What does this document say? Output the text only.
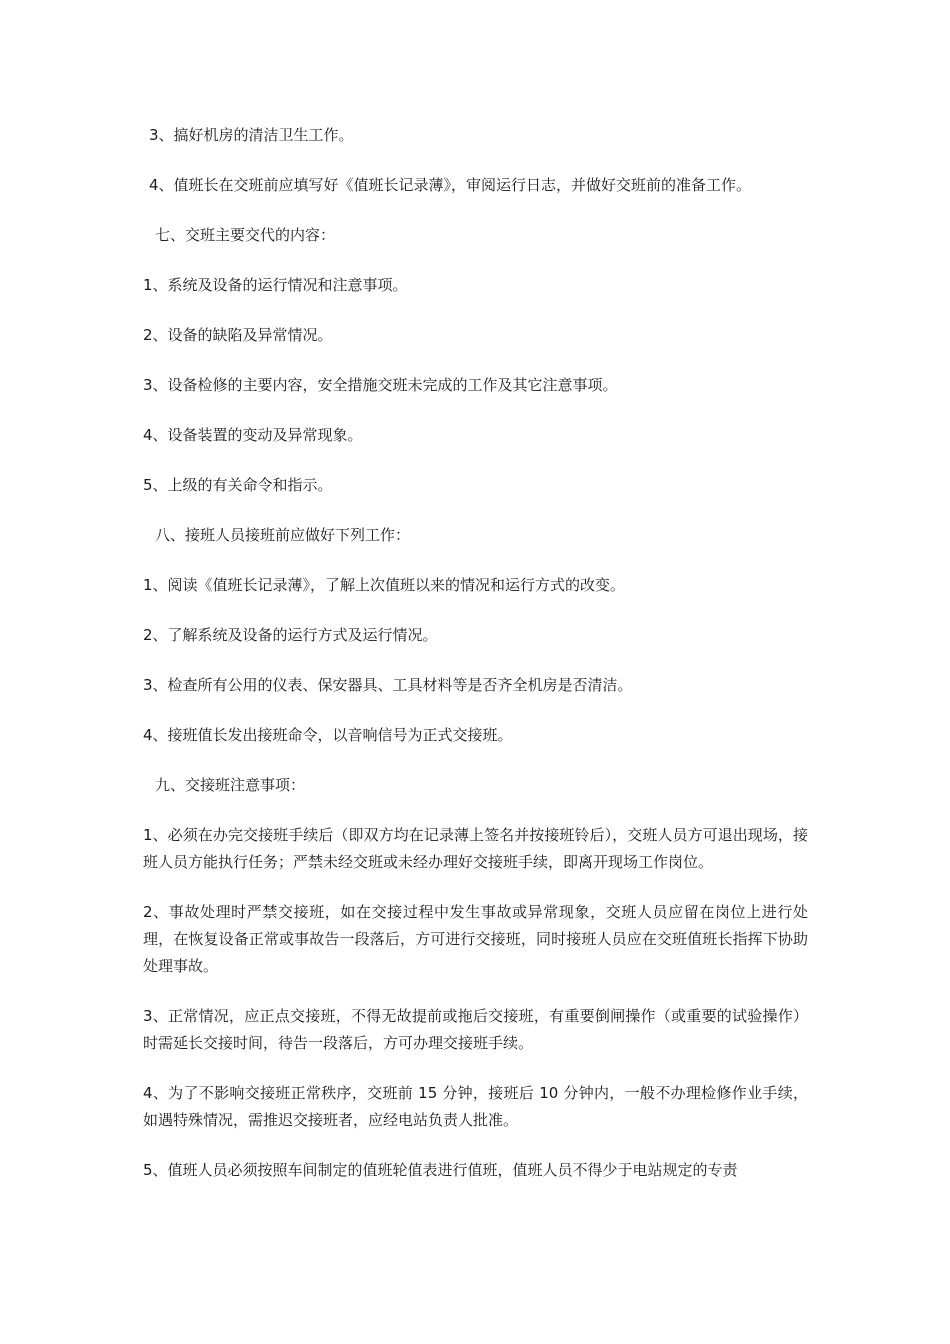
3、搞好机房的清洁卫生工作。

4、值班长在交班前应填写好《值班长记录薄》，审阅运行日志，并做好交班前的准备工作。

七、交班主要交代的内容：

1、系统及设备的运行情况和注意事项。

2、设备的缺陷及异常情况。

3、设备检修的主要内容，安全措施交班未完成的工作及其它注意事项。

4、设备装置的变动及异常现象。

5、上级的有关命令和指示。

八、接班人员接班前应做好下列工作：

1、阅读《值班长记录薄》，了解上次值班以来的情况和运行方式的改变。

2、了解系统及设备的运行方式及运行情况。

3、检查所有公用的仪表、保安器具、工具材料等是否齐全机房是否清洁。

4、接班值长发出接班命令，以音响信号为正式交接班。

九、交接班注意事项：

1、必须在办完交接班手续后（即双方均在记录薄上签名并按接班铃后），交班人员方可退出现场，接班人员方能执行任务；严禁未经交班或未经办理好交接班手续，即离开现场工作岗位。

2、事故处理时严禁交接班，如在交接过程中发生事故或异常现象，交班人员应留在岗位上进行处理，在恢复设备正常或事故告一段落后，方可进行交接班，同时接班人员应在交班值班长指挥下协助处理事故。

3、正常情况，应正点交接班，不得无故提前或拖后交接班，有重要倒闸操作（或重要的试验操作）时需延长交接时间，待告一段落后，方可办理交接班手续。

4、为了不影响交接班正常秩序，交班前 15 分钟，接班后 10 分钟内，一般不办理检修作业手续，如遇特殊情况，需推迟交接班者，应经电站负责人批准。

5、值班人员必须按照车间制定的值班轮值表进行值班，值班人员不得少于电站规定的专责
